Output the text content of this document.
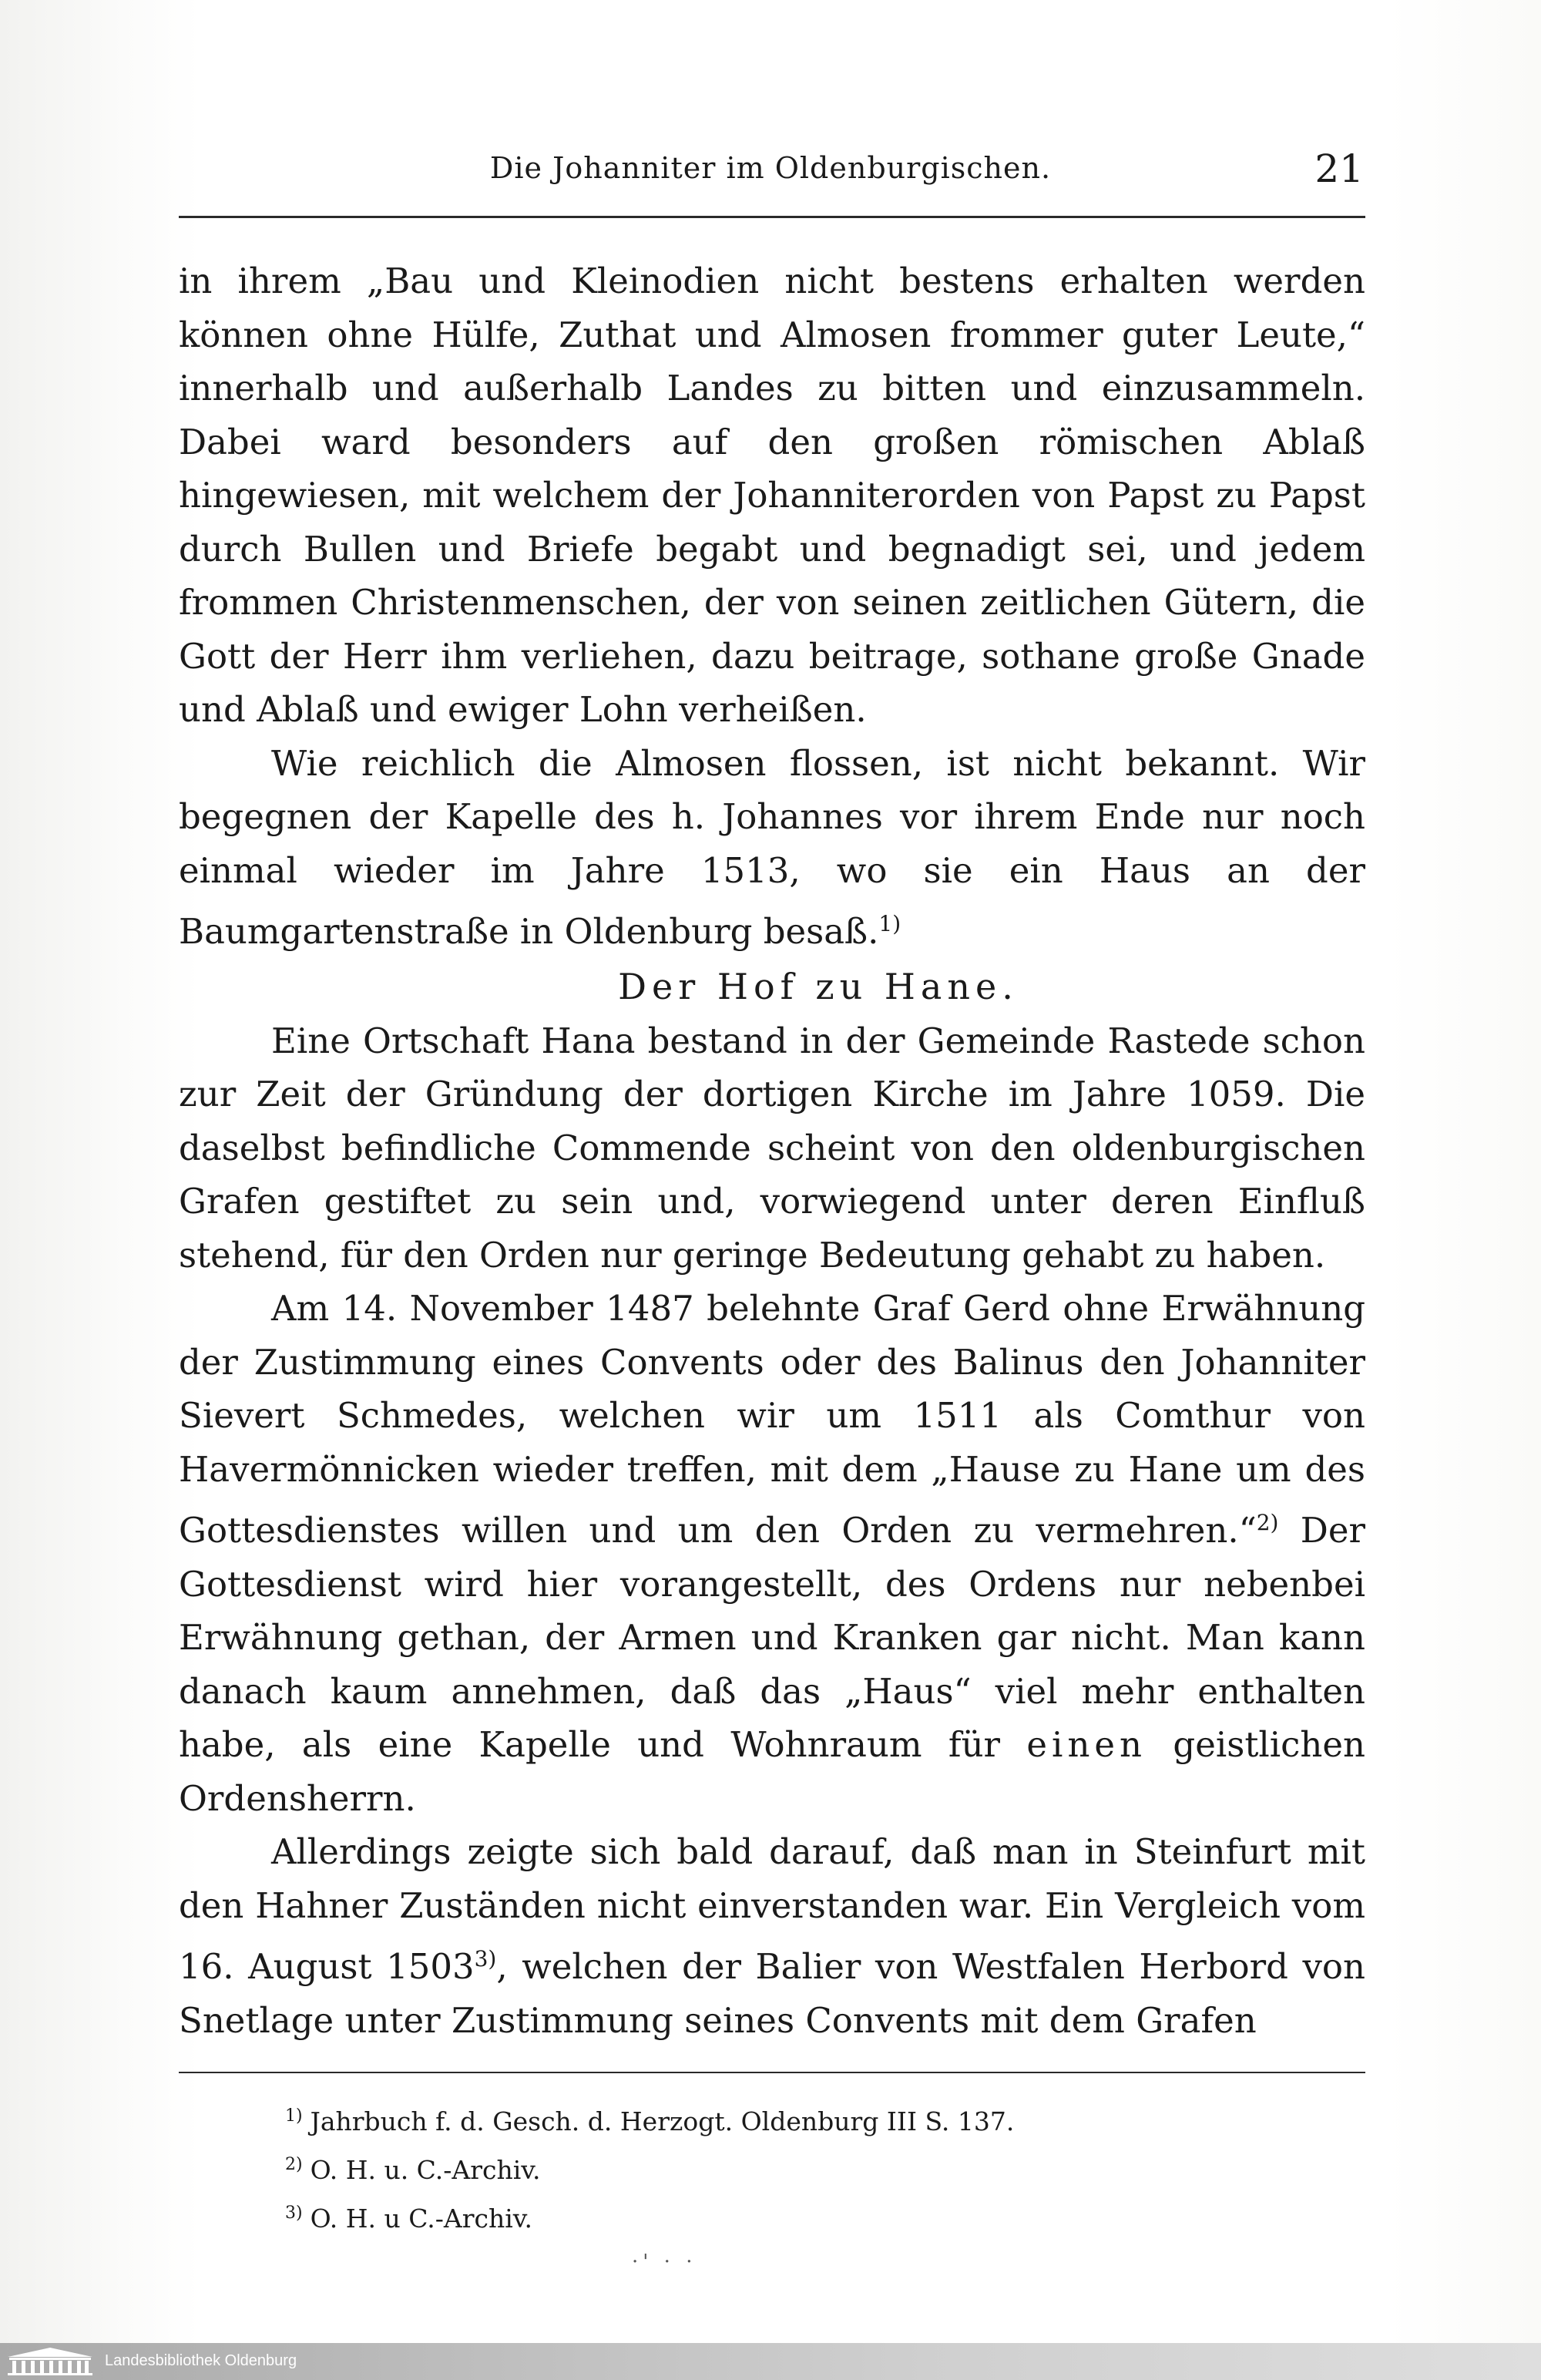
Die Johanniter im Oldenburgischen.	21

in ihrem „Bau und Kleinodien nicht bestens erhalten werden können ohne Hülfe, Zuthat und Almosen frommer guter Leute,“ innerhalb und außerhalb Landes zu bitten und einzusammeln. Dabei ward besonders auf den großen römischen Ablaß hingewiesen, mit welchem der Johanniterorden von Papst zu Papst durch Bullen und Briefe begabt und begnadigt sei, und jedem frommen Christenmenschen, der von seinen zeitlichen Gütern, die Gott der Herr ihm verliehen, dazu beitrage, sothane große Gnade und Ablaß und ewiger Lohn verheißen.

Wie reichlich die Almosen flossen, ist nicht bekannt. Wir begegnen der Kapelle des h. Johannes vor ihrem Ende nur noch einmal wieder im Jahre 1513, wo sie ein Haus an der Baumgartenstraße in Oldenburg besaß.$^{1)}$

Der Hof zu Hane.

Eine Ortschaft Hana bestand in der Gemeinde Rastede schon zur Zeit der Gründung der dortigen Kirche im Jahre 1059. Die daselbst befindliche Commende scheint von den oldenburgischen Grafen gestiftet zu sein und, vorwiegend unter deren Einfluß stehend, für den Orden nur geringe Bedeutung gehabt zu haben.

Am 14. November 1487 belehnte Graf Gerd ohne Erwähnung der Zustimmung eines Convents oder des Balinus den Johanniter Sievert Schmedes, welchen wir um 1511 als Comthur von Havermönnicken wieder treffen, mit dem „Hause zu Hane um des Gottesdienstes willen und um den Orden zu vermehren.“$^{2)}$ Der Gottesdienst wird hier vorangestellt, des Ordens nur nebenbei Erwähnung gethan, der Armen und Kranken gar nicht. Man kann danach kaum annehmen, daß das „Haus“ viel mehr enthalten habe, als eine Kapelle und Wohnraum für einen geistlichen Ordensherrn.

Allerdings zeigte sich bald darauf, daß man in Steinfurt mit den Hahner Zuständen nicht einverstanden war. Ein Vergleich vom 16. August 1503$^{3)}$, welchen der Balier von Westfalen Herbord von Snetlage unter Zustimmung seines Convents mit dem Grafen

$^{1)}$ Jahrbuch f. d. Gesch. d. Herzogt. Oldenburg III S. 137.
$^{2)}$ O. H. u. C.-Archiv.
$^{3)}$ O. H. u C.-Archiv.
·' · ·
Landesbibliothek Oldenburg
